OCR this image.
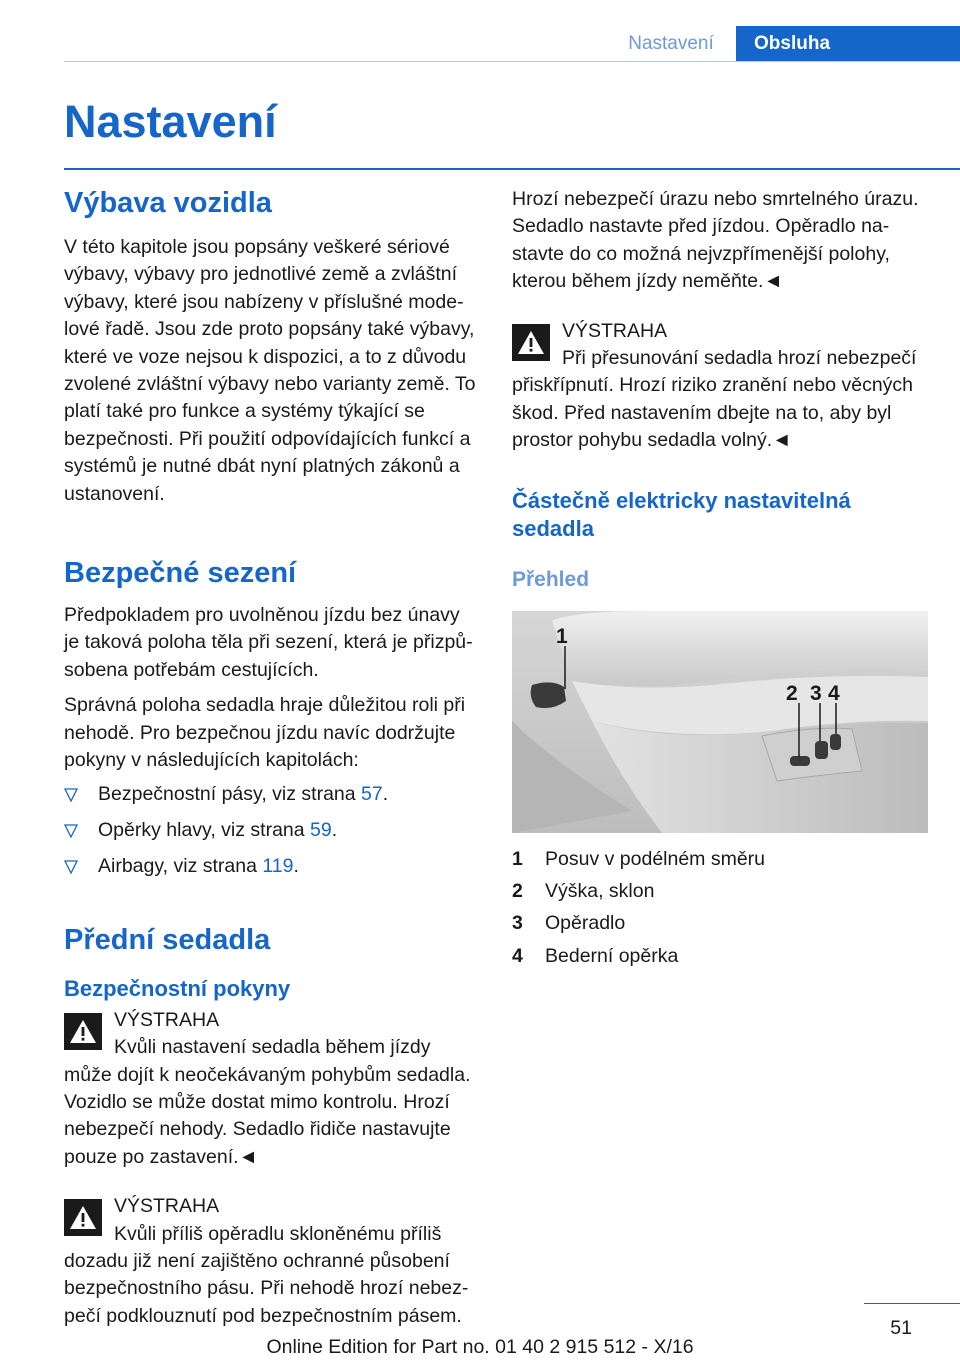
Nastavení	Obsluha
Nastavení
Výbava vozidla

V této kapitole jsou popsány veškeré sériové výbavy, výbavy pro jednotlivé země a zvláštní výbavy, které jsou nabízeny v příslušné modelové řadě. Jsou zde proto popsány také výbavy, které ve voze nejsou k dispozici, a to z důvodu zvolené zvláštní výbavy nebo varianty země. To platí také pro funkce a systémy týkající se bezpečnosti. Při použití odpovídajících funkcí a systémů je nutné dbát nyní platných zákonů a ustanovení.

Bezpečné sezení

Předpokladem pro uvolněnou jízdu bez únavy je taková poloha těla při sezení, která je přizpůsobena potřebám cestujících.

Správná poloha sedadla hraje důležitou roli při nehodě. Pro bezpečnou jízdu navíc dodržujte pokyny v následujících kapitolách:

Bezpečnostní pásy, viz strana 57.
Opěrky hlavy, viz strana 59.
Airbagy, viz strana 119.
Přední sedadla
Bezpečnostní pokyny

VÝSTRAHA

Kvůli nastavení sedadla během jízdy může dojít k neočekávaným pohybům sedadla. Vozidlo se může dostat mimo kontrolu. Hrozí nebezpečí nehody. Sedadlo řidiče nastavujte pouze po zastavení.◄

VÝSTRAHA

Kvůli příliš opěradlu skloněnému příliš dozadu již není zajištěno ochranné působení bezpečnostního pásu. Při nehodě hrozí nebezpečí podklouznutí pod bezpečnostním pásem.

Hrozí nebezpečí úrazu nebo smrtelného úrazu. Sedadlo nastavte před jízdou. Opěradlo nastavte do co možná nejvzpřímenější polohy, kterou během jízdy neměňte.◄

VÝSTRAHA

Při přesunování sedadla hrozí nebezpečí přiskřípnutí. Hrozí riziko zranění nebo věcných škod. Před nastavením dbejte na to, aby byl prostor pohybu sedadla volný.◄

Částečně elektricky nastavitelná sedadla
Přehled
1
2 3 4
1	Posuv v podélném směru
2	Výška, sklon
3	Opěradlo
4	Bederní opěrka
51
Online Edition for Part no. 01 40 2 915 512 - X/16
